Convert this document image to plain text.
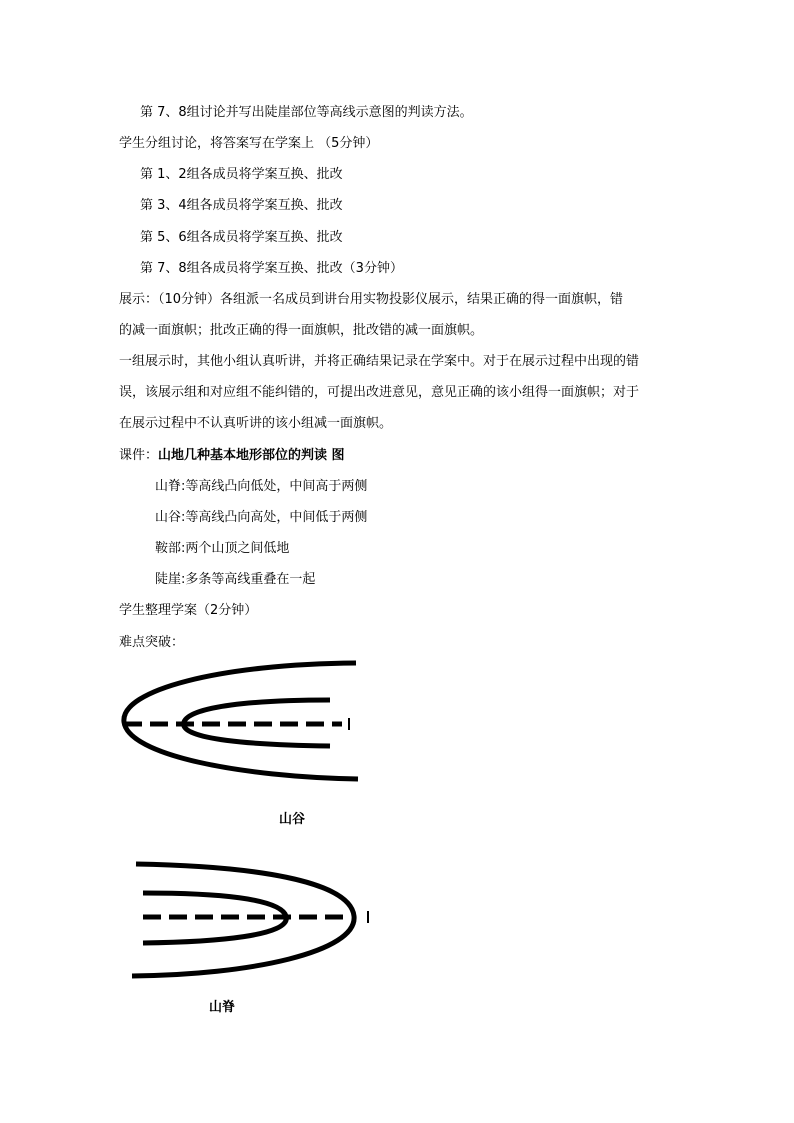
第 7、8组讨论并写出陡崖部位等高线示意图的判读方法。
学生分组讨论，将答案写在学案上 （5分钟）
第 1、2组各成员将学案互换、批改
第 3、4组各成员将学案互换、批改
第 5、6组各成员将学案互换、批改
第 7、8组各成员将学案互换、批改（3分钟）
展示：（10分钟）各组派一名成员到讲台用实物投影仪展示，结果正确的得一面旗帜，错
的减一面旗帜；批改正确的得一面旗帜，批改错的减一面旗帜。
一组展示时，其他小组认真听讲，并将正确结果记录在学案中。对于在展示过程中出现的错
误，该展示组和对应组不能纠错的，可提出改进意见，意见正确的该小组得一面旗帜；对于
在展示过程中不认真听讲的该小组减一面旗帜。
课件：山地几种基本地形部位的判读 图
山脊:等高线凸向低处，中间高于两侧
山谷:等高线凸向高处，中间低于两侧
鞍部:两个山顶之间低地
陡崖:多条等高线重叠在一起
学生整理学案（2分钟）
难点突破：
山谷
山脊
